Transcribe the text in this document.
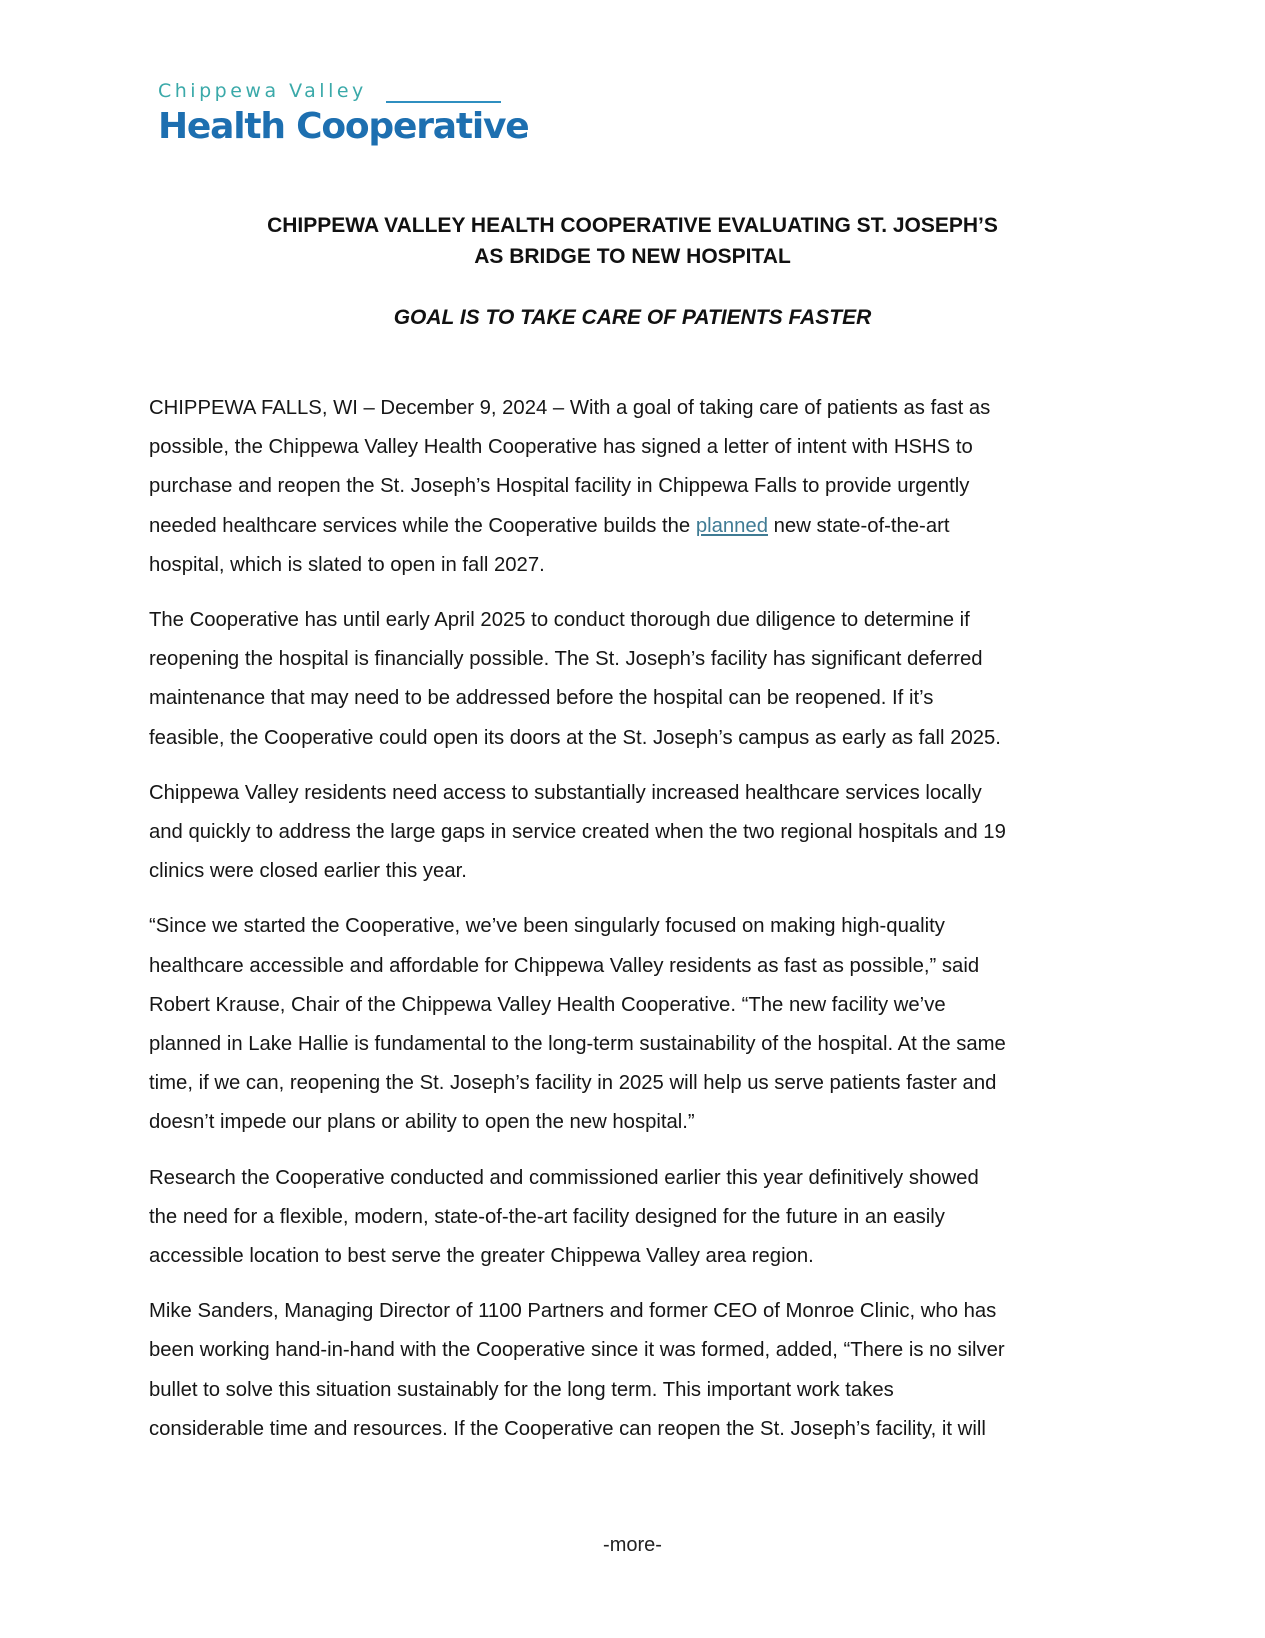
Chippewa Valley
Health Cooperative
CHIPPEWA VALLEY HEALTH COOPERATIVE EVALUATING ST. JOSEPH’S
AS BRIDGE TO NEW HOSPITAL
GOAL IS TO TAKE CARE OF PATIENTS FASTER

CHIPPEWA FALLS, WI – December 9, 2024 – With a goal of taking care of patients as fast as
possible, the Chippewa Valley Health Cooperative has signed a letter of intent with HSHS to
purchase and reopen the St. Joseph’s Hospital facility in Chippewa Falls to provide urgently
needed healthcare services while the Cooperative builds the planned new state-of-the-art
hospital, which is slated to open in fall 2027.

The Cooperative has until early April 2025 to conduct thorough due diligence to determine if
reopening the hospital is financially possible. The St. Joseph’s facility has significant deferred
maintenance that may need to be addressed before the hospital can be reopened. If it’s
feasible, the Cooperative could open its doors at the St. Joseph’s campus as early as fall 2025.

Chippewa Valley residents need access to substantially increased healthcare services locally
and quickly to address the large gaps in service created when the two regional hospitals and 19
clinics were closed earlier this year.

“Since we started the Cooperative, we’ve been singularly focused on making high-quality
healthcare accessible and affordable for Chippewa Valley residents as fast as possible,” said
Robert Krause, Chair of the Chippewa Valley Health Cooperative. “The new facility we’ve
planned in Lake Hallie is fundamental to the long-term sustainability of the hospital. At the same
time, if we can, reopening the St. Joseph’s facility in 2025 will help us serve patients faster and
doesn’t impede our plans or ability to open the new hospital.”

Research the Cooperative conducted and commissioned earlier this year definitively showed
the need for a flexible, modern, state-of-the-art facility designed for the future in an easily
accessible location to best serve the greater Chippewa Valley area region.

Mike Sanders, Managing Director of 1100 Partners and former CEO of Monroe Clinic, who has
been working hand-in-hand with the Cooperative since it was formed, added, “There is no silver
bullet to solve this situation sustainably for the long term. This important work takes
considerable time and resources. If the Cooperative can reopen the St. Joseph’s facility, it will

-more-
